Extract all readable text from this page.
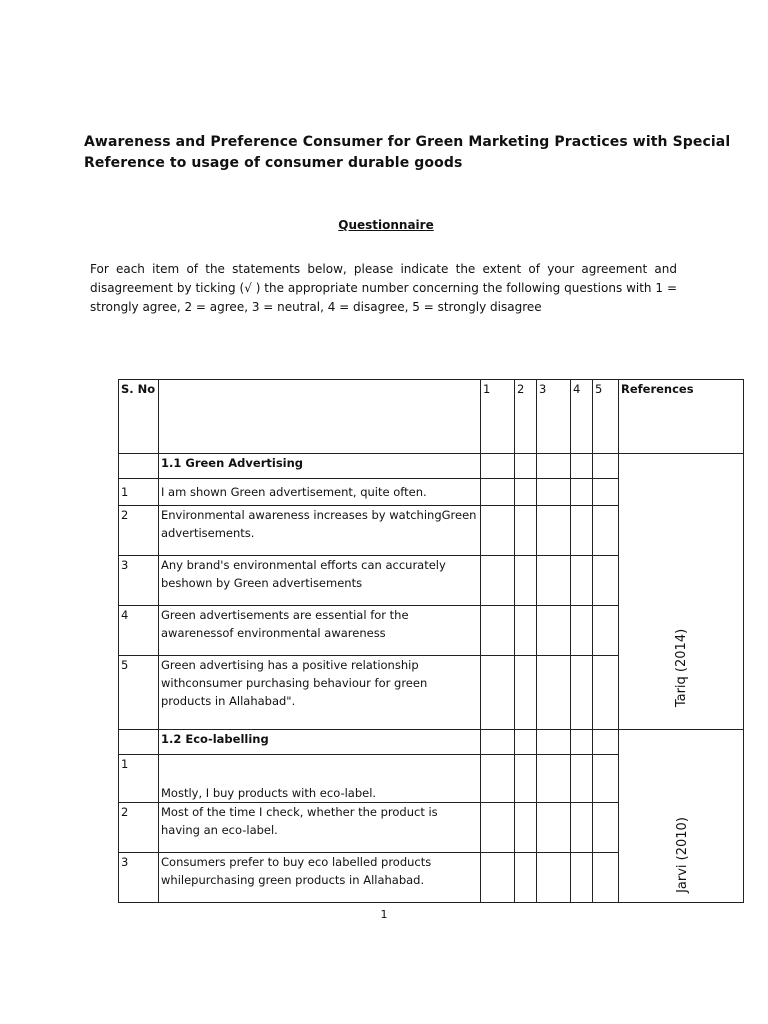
Awareness and Preference Consumer for Green Marketing Practices with Special Reference to usage of consumer durable goods
Questionnaire
For each item of the statements below, please indicate the extent of your agreement and disagreement by ticking (√ ) the appropriate number concerning the following questions with 1 = strongly agree, 2 = agree, 3 = neutral, 4 = disagree, 5 = strongly disagree
S. No		1	2	3	4	5	References
	1.1 Green Advertising						Tariq (2014)

1	I am shown Green advertisement, quite often.						
2	Environmental awareness increases by watchingGreen advertisements.						
3	Any brand's environmental efforts can accurately beshown by Green advertisements						
4	Green advertisements are essential for the awarenessof environmental awareness						
5	Green advertising has a positive relationship withconsumer purchasing behaviour for green products in Allahabad".						
	1.2 Eco-labelling						Jarvi (2010)

1	Mostly, I buy products with eco-label.						
2	Most of the time I check, whether the product is having an eco-label.						
3	Consumers prefer to buy eco labelled products whilepurchasing green products in Allahabad.						
1
